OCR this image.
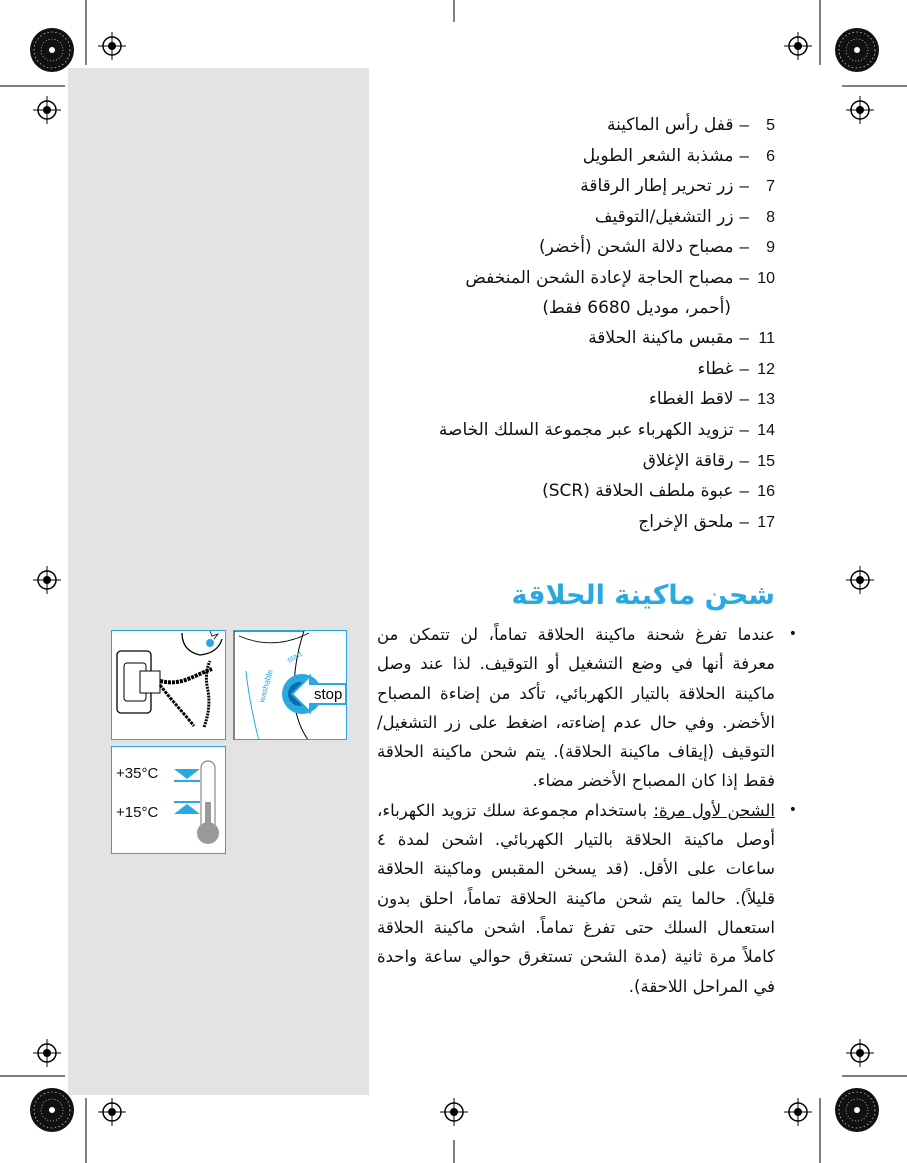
5
–
قفل رأس الماكينة
6
–
مشذبة الشعر الطويل
7
–
زر تحرير إطار الرقاقة
8
–
زر التشغيل/التوقيف
9
–
مصباح دلالة الشحن (أخضر)
10
–
مصباح الحاجة لإعادة الشحن المنخفض
(أحمر، موديل 6680 فقط)
11
–
مقبس ماكينة الحلاقة
12
–
غطاء
13
–
لاقط الغطاء
14
–
تزويد الكهرباء عبر مجموعة السلك الخاصة
15
–
رقاقة الإغلاق
16
–
عبوة ملطف الحلاقة (SCR)
17
–
ملحق الإخراج
شحن ماكينة الحلاقة

•
عندما تفرغ شحنة ماكينة الحلاقة تماماً، لن تتمكن من معرفة أنها في وضع التشغيل أو التوقيف. لذا عند وصل ماكينة الحلاقة بالتيار الكهربائي، تأكد من إضاءة المصباح الأخضر. وفي حال عدم إضاءته، اضغط على زر التشغيل/التوقيف (إيقاف ماكينة الحلاقة). يتم شحن ماكينة الحلاقة فقط إذا كان المصباح الأخضر مضاء.

•
الشحن لأول مرة: باستخدام مجموعة سلك تزويد الكهرباء، أوصل ماكينة الحلاقة بالتيار الكهربائي. اشحن لمدة ٤ ساعات على الأقل. (قد يسخن المقبس وماكينة الحلاقة قليلاً). حالما يتم شحن ماكينة الحلاقة تماماً، احلق بدون استعمال السلك حتى تفرغ تماماً. اشحن ماكينة الحلاقة كاملاً مرة ثانية (مدة الشحن تستغرق حوالي ساعة واحدة في المراحل اللاحقة).

washable
start
stop
+35°C
+15°C
